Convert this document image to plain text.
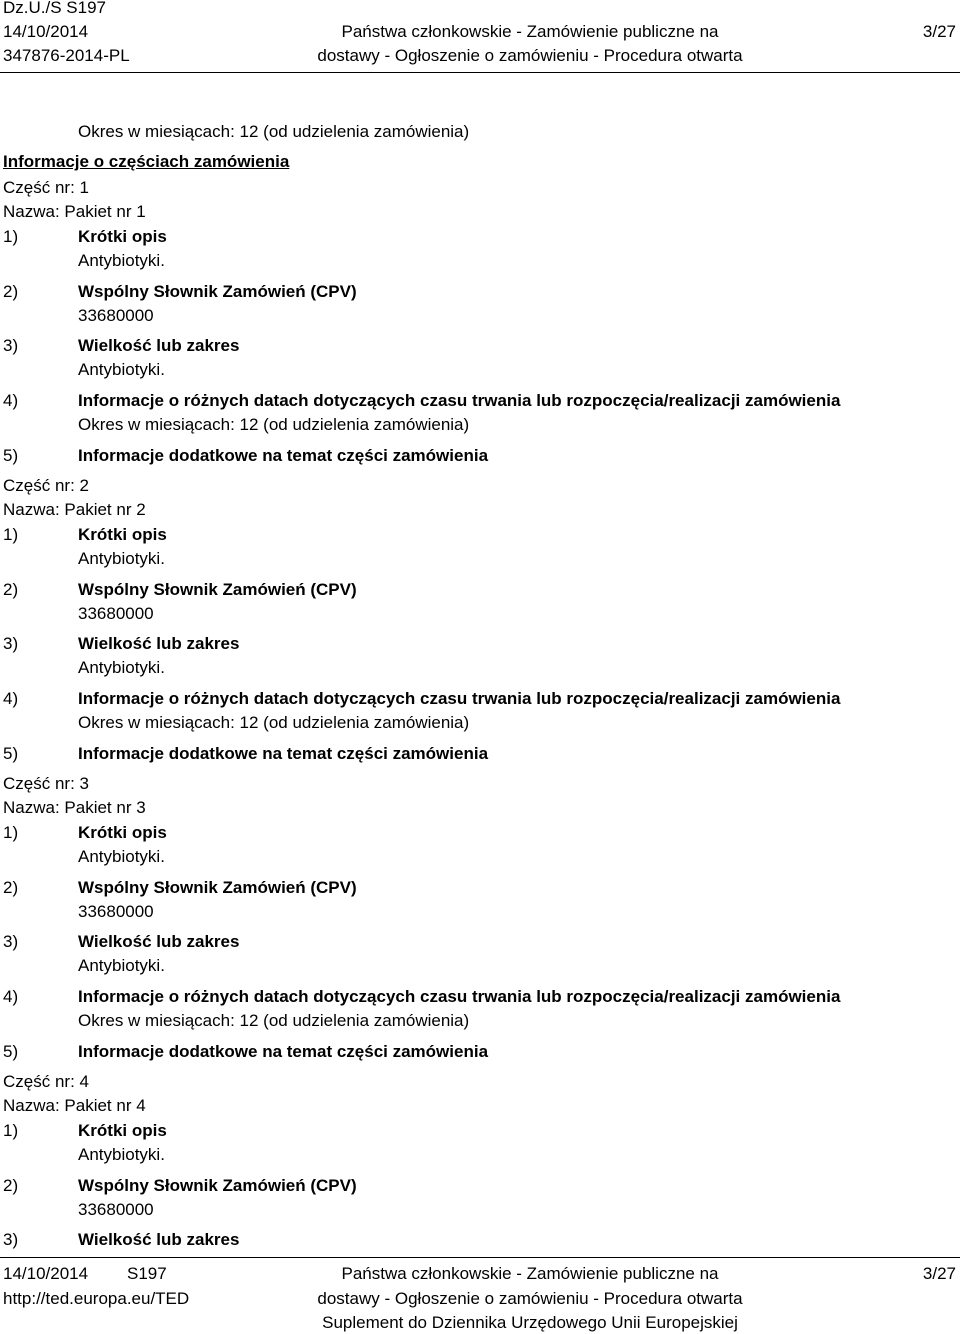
Dz.U./S S197
14/10/2014
347876-2014-PL
Państwa członkowskie - Zamówienie publiczne na
dostawy - Ogłoszenie o zamówieniu - Procedura otwarta
3/27
Okres w miesiącach: 12 (od udzielenia zamówienia)
Informacje o częściach zamówienia
Część nr: 1
Nazwa: Pakiet nr 1
1)	Krótki opis
Antybiotyki.
2)	Wspólny Słownik Zamówień (CPV)
33680000
3)	Wielkość lub zakres
Antybiotyki.
4)	Informacje o różnych datach dotyczących czasu trwania lub rozpoczęcia/realizacji zamówienia
Okres w miesiącach: 12 (od udzielenia zamówienia)
5)	Informacje dodatkowe na temat części zamówienia
Część nr: 2
Nazwa: Pakiet nr 2
1)	Krótki opis
Antybiotyki.
2)	Wspólny Słownik Zamówień (CPV)
33680000
3)	Wielkość lub zakres
Antybiotyki.
4)	Informacje o różnych datach dotyczących czasu trwania lub rozpoczęcia/realizacji zamówienia
Okres w miesiącach: 12 (od udzielenia zamówienia)
5)	Informacje dodatkowe na temat części zamówienia
Część nr: 3
Nazwa: Pakiet nr 3
1)	Krótki opis
Antybiotyki.
2)	Wspólny Słownik Zamówień (CPV)
33680000
3)	Wielkość lub zakres
Antybiotyki.
4)	Informacje o różnych datach dotyczących czasu trwania lub rozpoczęcia/realizacji zamówienia
Okres w miesiącach: 12 (od udzielenia zamówienia)
5)	Informacje dodatkowe na temat części zamówienia
Część nr: 4
Nazwa: Pakiet nr 4
1)	Krótki opis
Antybiotyki.
2)	Wspólny Słownik Zamówień (CPV)
33680000
3)	Wielkość lub zakres
14/10/2014 S197
http://ted.europa.eu/TED
Państwa członkowskie - Zamówienie publiczne na
dostawy - Ogłoszenie o zamówieniu - Procedura otwarta
Suplement do Dziennika Urzędowego Unii Europejskiej
3/27
